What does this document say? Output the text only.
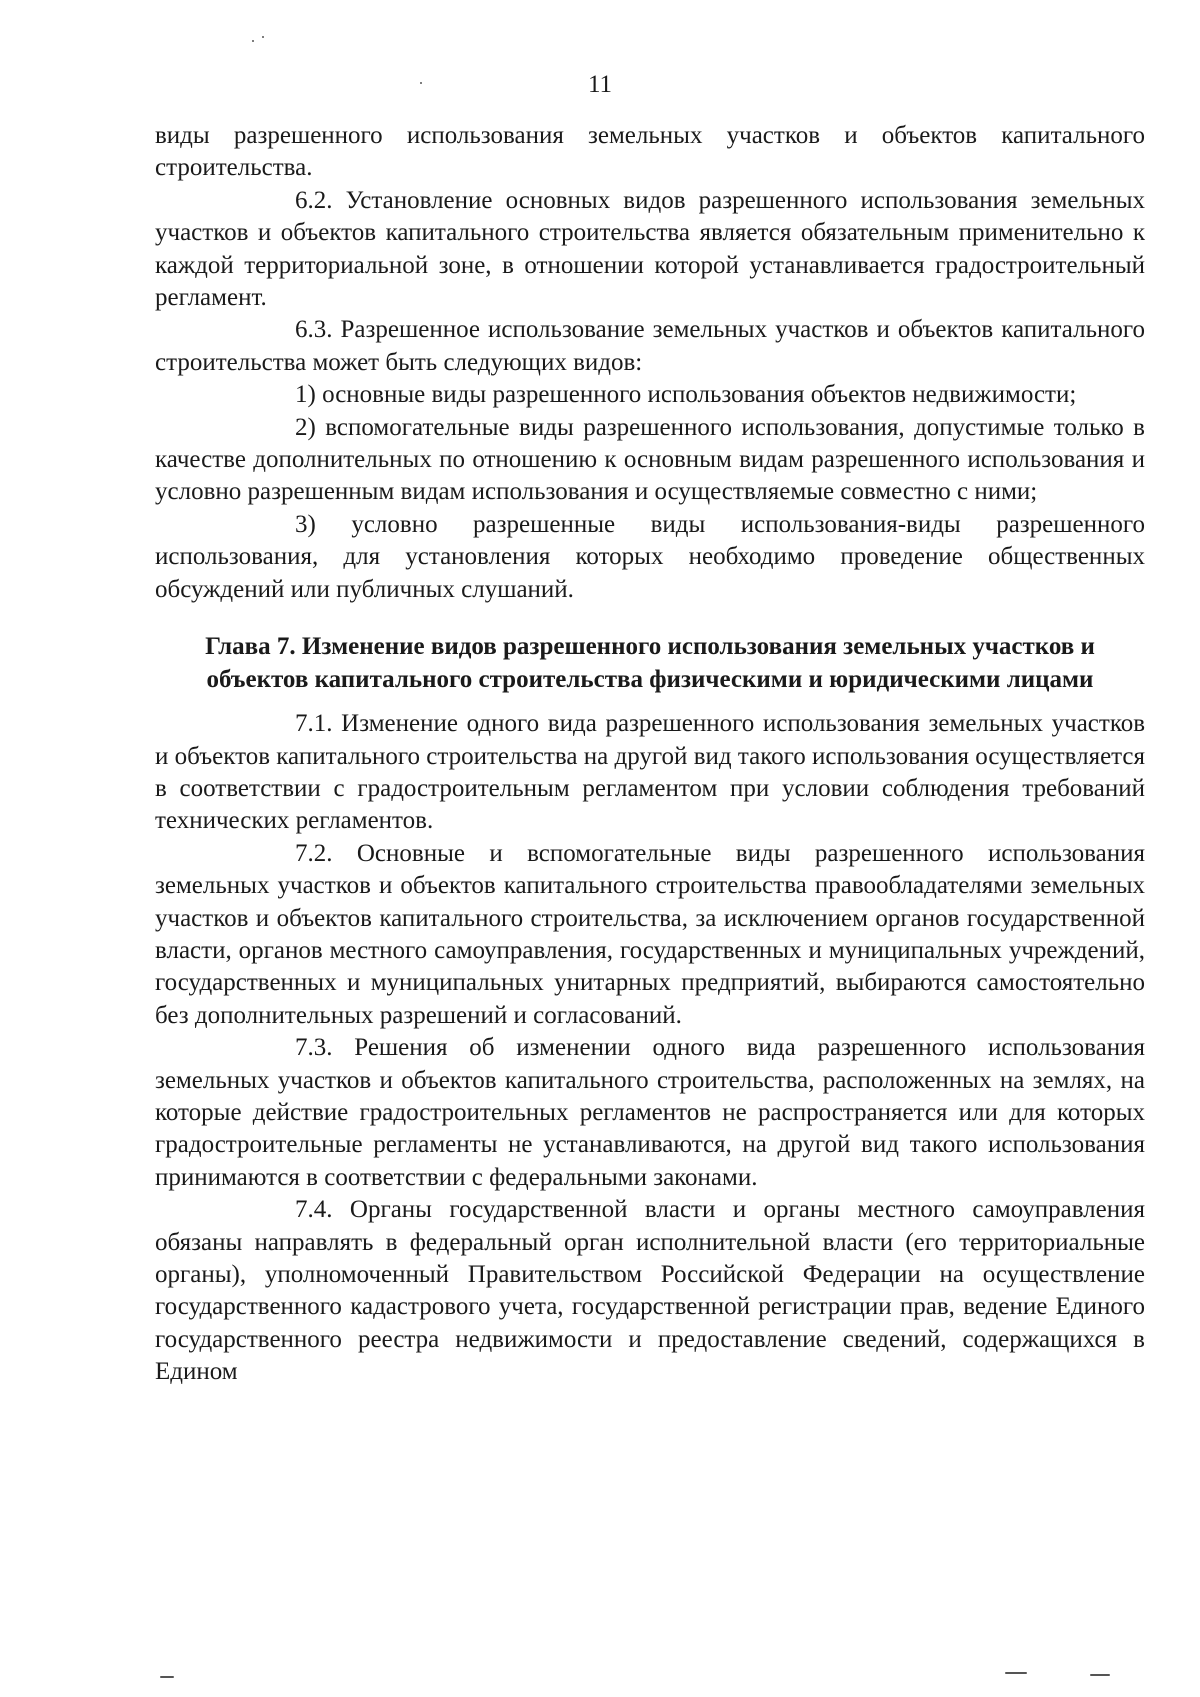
11

виды разрешенного использования земельных участков и объектов капитального строительства.

6.2. Установление основных видов разрешенного использования земельных участков и объектов капитального строительства является обязательным применительно к каждой территориальной зоне, в отношении которой устанавливается градостроительный регламент.

6.3. Разрешенное использование земельных участков и объектов капитального строительства может быть следующих видов:

1) основные виды разрешенного использования объектов недвижимости;

2) вспомогательные виды разрешенного использования, допустимые только в качестве дополнительных по отношению к основным видам разрешенного использования и условно разрешенным видам использования и осуществляемые совместно с ними;

3) условно разрешенные виды использования-виды разрешенного использования, для установления которых необходимо проведение общественных обсуждений или публичных слушаний.

Глава 7. Изменение видов разрешенного использования земельных участков и объектов капитального строительства физическими и юридическими лицами

7.1. Изменение одного вида разрешенного использования земельных участков и объектов капитального строительства на другой вид такого использования осуществляется в соответствии с градостроительным регламентом при условии соблюдения требований технических регламентов.

7.2. Основные и вспомогательные виды разрешенного использования земельных участков и объектов капитального строительства правообладателями земельных участков и объектов капитального строительства, за исключением органов государственной власти, органов местного самоуправления, государственных и муниципальных учреждений, государственных и муниципальных унитарных предприятий, выбираются самостоятельно без дополнительных разрешений и согласований.

7.3. Решения об изменении одного вида разрешенного использования земельных участков и объектов капитального строительства, расположенных на землях, на которые действие градостроительных регламентов не распространяется или для которых градостроительные регламенты не устанавливаются, на другой вид такого использования принимаются в соответствии с федеральными законами.

7.4. Органы государственной власти и органы местного самоуправления обязаны направлять в федеральный орган исполнительной власти (его территориальные органы), уполномоченный Правительством Российской Федерации на осуществление государственного кадастрового учета, государственной регистрации прав, ведение Единого государственного реестра недвижимости и предоставление сведений, содержащихся в Едином
